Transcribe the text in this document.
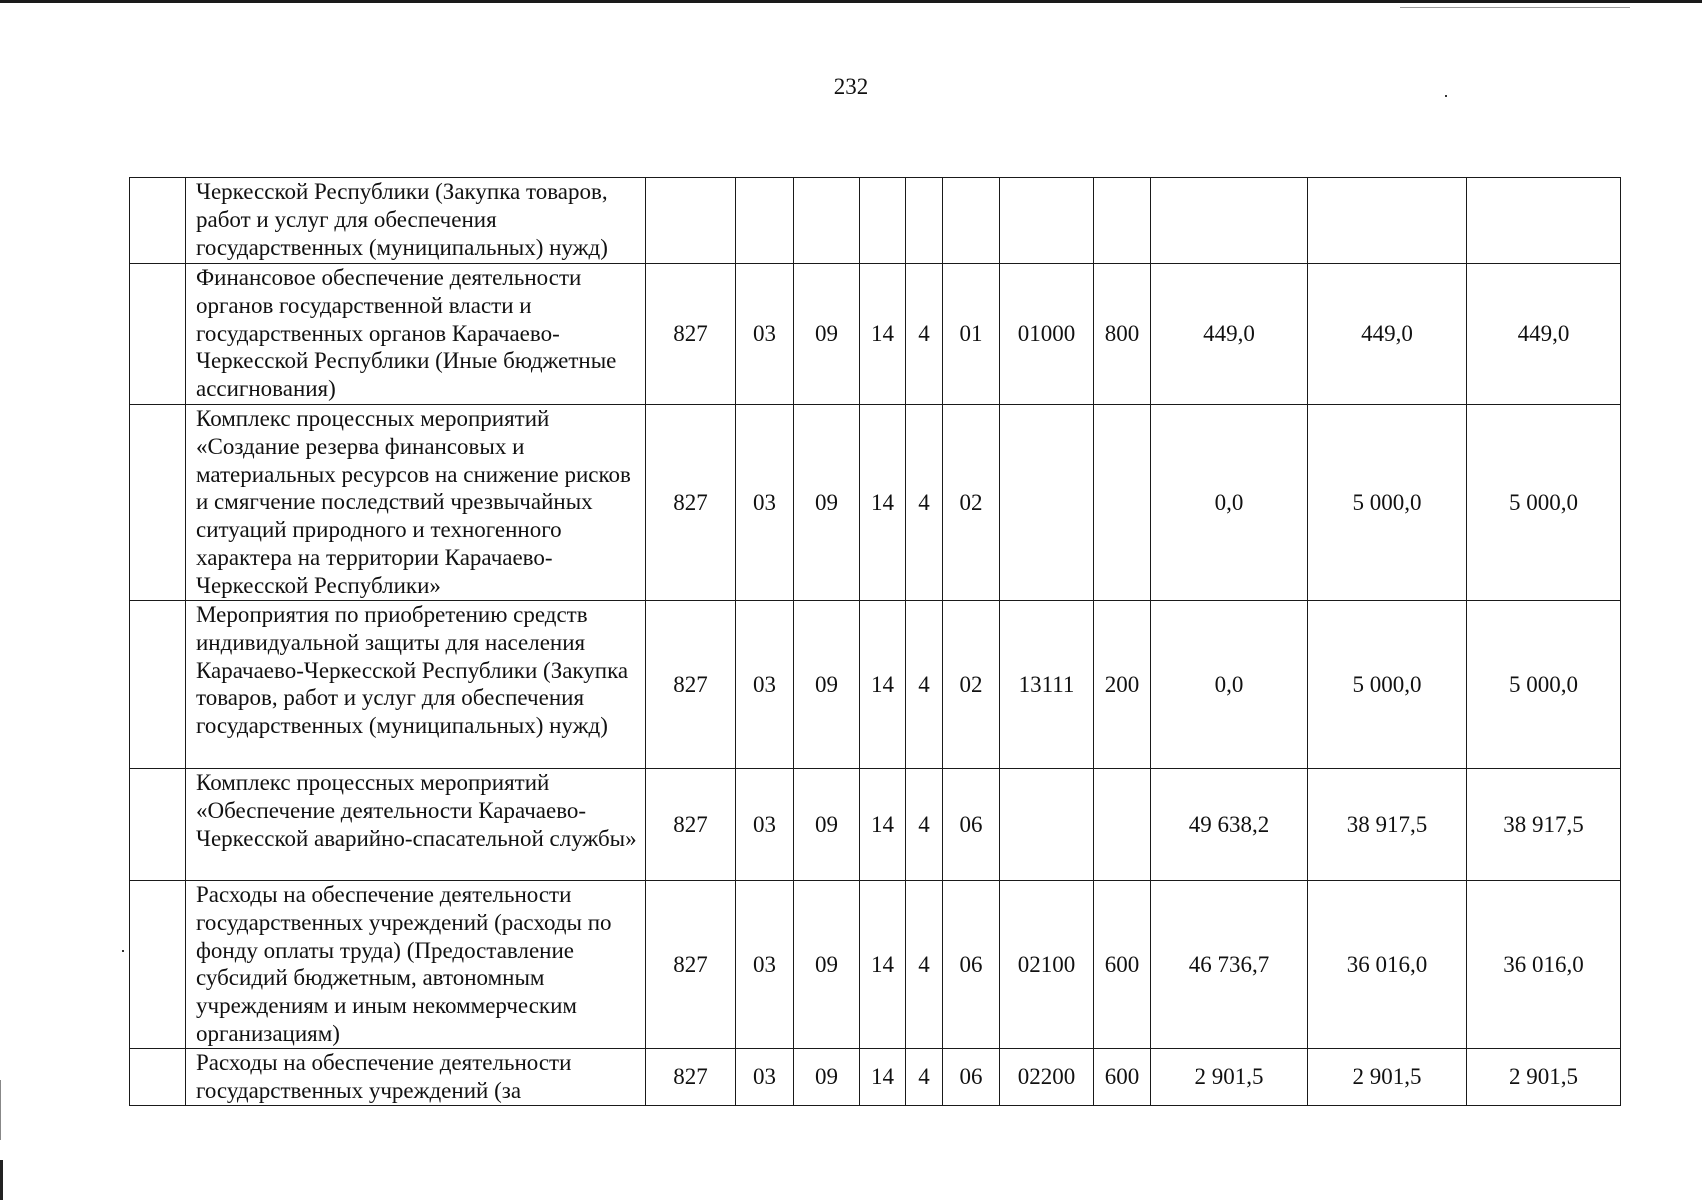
232
	Черкесской Республики (Закупка товаров, работ и услуг для обеспечения государственных (муниципальных) нужд)											
	Финансовое обеспечение деятельности органов государственной власти и государственных органов Карачаево-Черкесской Республики (Иные бюджетные ассигнования)	827	03	09	14	4	01	01000	800	449,0	449,0	449,0
	Комплекс процессных мероприятий «Создание резерва финансовых и материальных ресурсов на снижение рисков и смягчение последствий чрезвычайных ситуаций природного и техногенного характера на территории Карачаево-Черкесской Республики»	827	03	09	14	4	02			0,0	5 000,0	5 000,0
	Мероприятия по приобретению средств индивидуальной защиты для населения Карачаево-Черкесской Республики (Закупка товаров, работ и услуг для обеспечения государственных (муниципальных) нужд)	827	03	09	14	4	02	13111	200	0,0	5 000,0	5 000,0
	Комплекс процессных мероприятий «Обеспечение деятельности Карачаево-Черкесской аварийно-спасательной службы»	827	03	09	14	4	06			49 638,2	38 917,5	38 917,5
	Расходы на обеспечение деятельности государственных учреждений (расходы по фонду оплаты труда) (Предоставление субсидий бюджетным, автономным учреждениям и иным некоммерческим организациям)	827	03	09	14	4	06	02100	600	46 736,7	36 016,0	36 016,0
	Расходы на обеспечение деятельности государственных учреждений (за	827	03	09	14	4	06	02200	600	2 901,5	2 901,5	2 901,5
